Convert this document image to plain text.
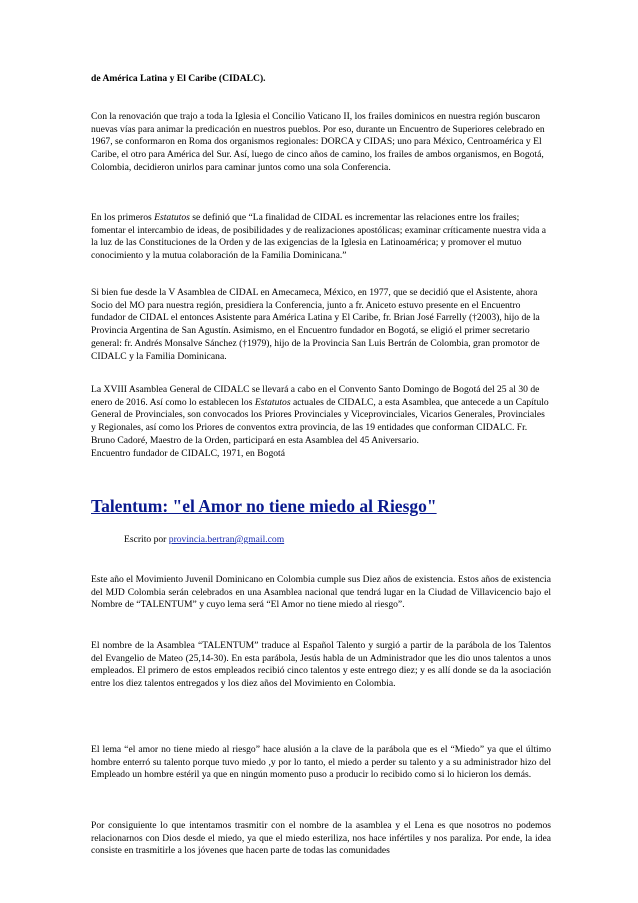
de América Latina y El Caribe (CIDALC).

Con la renovación que trajo a toda la Iglesia el Concilio Vaticano II, los frailes dominicos en nuestra región buscaron nuevas vías para animar la predicación en nuestros pueblos. Por eso, durante un Encuentro de Superiores celebrado en 1967, se conformaron en Roma dos organismos regionales: DORCA y CIDAS; uno para México, Centroamérica y El Caribe, el otro para América del Sur. Así, luego de cinco años de camino, los frailes de ambos organismos, en Bogotá, Colombia, decidieron unirlos para caminar juntos como una sola Conferencia.

En los primeros Estatutos se definió que “La finalidad de CIDAL es incrementar las relaciones entre los frailes; fomentar el intercambio de ideas, de posibilidades y de realizaciones apostólicas; examinar críticamente nuestra vida a la luz de las Constituciones de la Orden y de las exigencias de la Iglesia en Latinoamérica; y promover el mutuo conocimiento y la mutua colaboración de la Familia Dominicana.”

Si bien fue desde la V Asamblea de CIDAL en Amecameca, México, en 1977, que se decidió que el Asistente, ahora Socio del MO para nuestra región, presidiera la Conferencia, junto a fr. Aniceto estuvo presente en el Encuentro fundador de CIDAL el entonces Asistente para América Latina y El Caribe, fr. Brian José Farrelly (†2003), hijo de la Provincia Argentina de San Agustín. Asimismo, en el Encuentro fundador en Bogotá, se eligió el primer secretario general: fr. Andrés Monsalve Sánchez (†1979), hijo de la Provincia San Luis Bertrán de Colombia, gran promotor de CIDALC y la Familia Dominicana.

La XVIII Asamblea General de CIDALC se llevará a cabo en el Convento Santo Domingo de Bogotá del 25 al 30 de enero de 2016. Así como lo establecen los Estatutos actuales de CIDALC, a esta Asamblea, que antecede a un Capítulo General de Provinciales, son convocados los Priores Provinciales y Viceprovinciales, Vicarios Generales, Provinciales y Regionales, así como los Priores de conventos extra provincia, de las 19 entidades que conforman CIDALC. Fr. Bruno Cadoré, Maestro de la Orden, participará en esta Asamblea del 45 Aniversario.
Encuentro fundador de CIDALC, 1971, en Bogotá

Talentum: "el Amor no tiene miedo al Riesgo"

Escrito por provincia.bertran@gmail.com

Este año el Movimiento Juvenil Dominicano en Colombia cumple sus Diez años de existencia. Estos años de existencia del MJD Colombia serán celebrados en una Asamblea nacional que tendrá lugar en la Ciudad de Villavicencio bajo el Nombre de “TALENTUM” y cuyo lema será “El Amor no tiene miedo al riesgo”.

El nombre de la Asamblea “TALENTUM” traduce al Español Talento y surgió a partir de la parábola de los Talentos del Evangelio de Mateo (25,14-30). En esta parábola, Jesús habla de un Administrador que les dio unos talentos a unos empleados. El primero de estos empleados recibió cinco talentos y este entrego diez; y es allí donde se da la asociación entre los diez talentos entregados y los diez años del Movimiento en Colombia.

El lema “el amor no tiene miedo al riesgo” hace alusión a la clave de la parábola que es el “Miedo” ya que el último hombre enterró su talento porque tuvo miedo ,y por lo tanto, el miedo a perder su talento y a su administrador hizo del Empleado un hombre estéril ya que en ningún momento puso a producir lo recibido como si lo hicieron los demás.

Por consiguiente lo que intentamos trasmitir con el nombre de la asamblea y el Lena es que nosotros no podemos relacionarnos con Dios desde el miedo, ya que el miedo esteriliza, nos hace infértiles y nos paraliza. Por ende, la idea consiste en trasmitirle a los jóvenes que hacen parte de todas las comunidades
